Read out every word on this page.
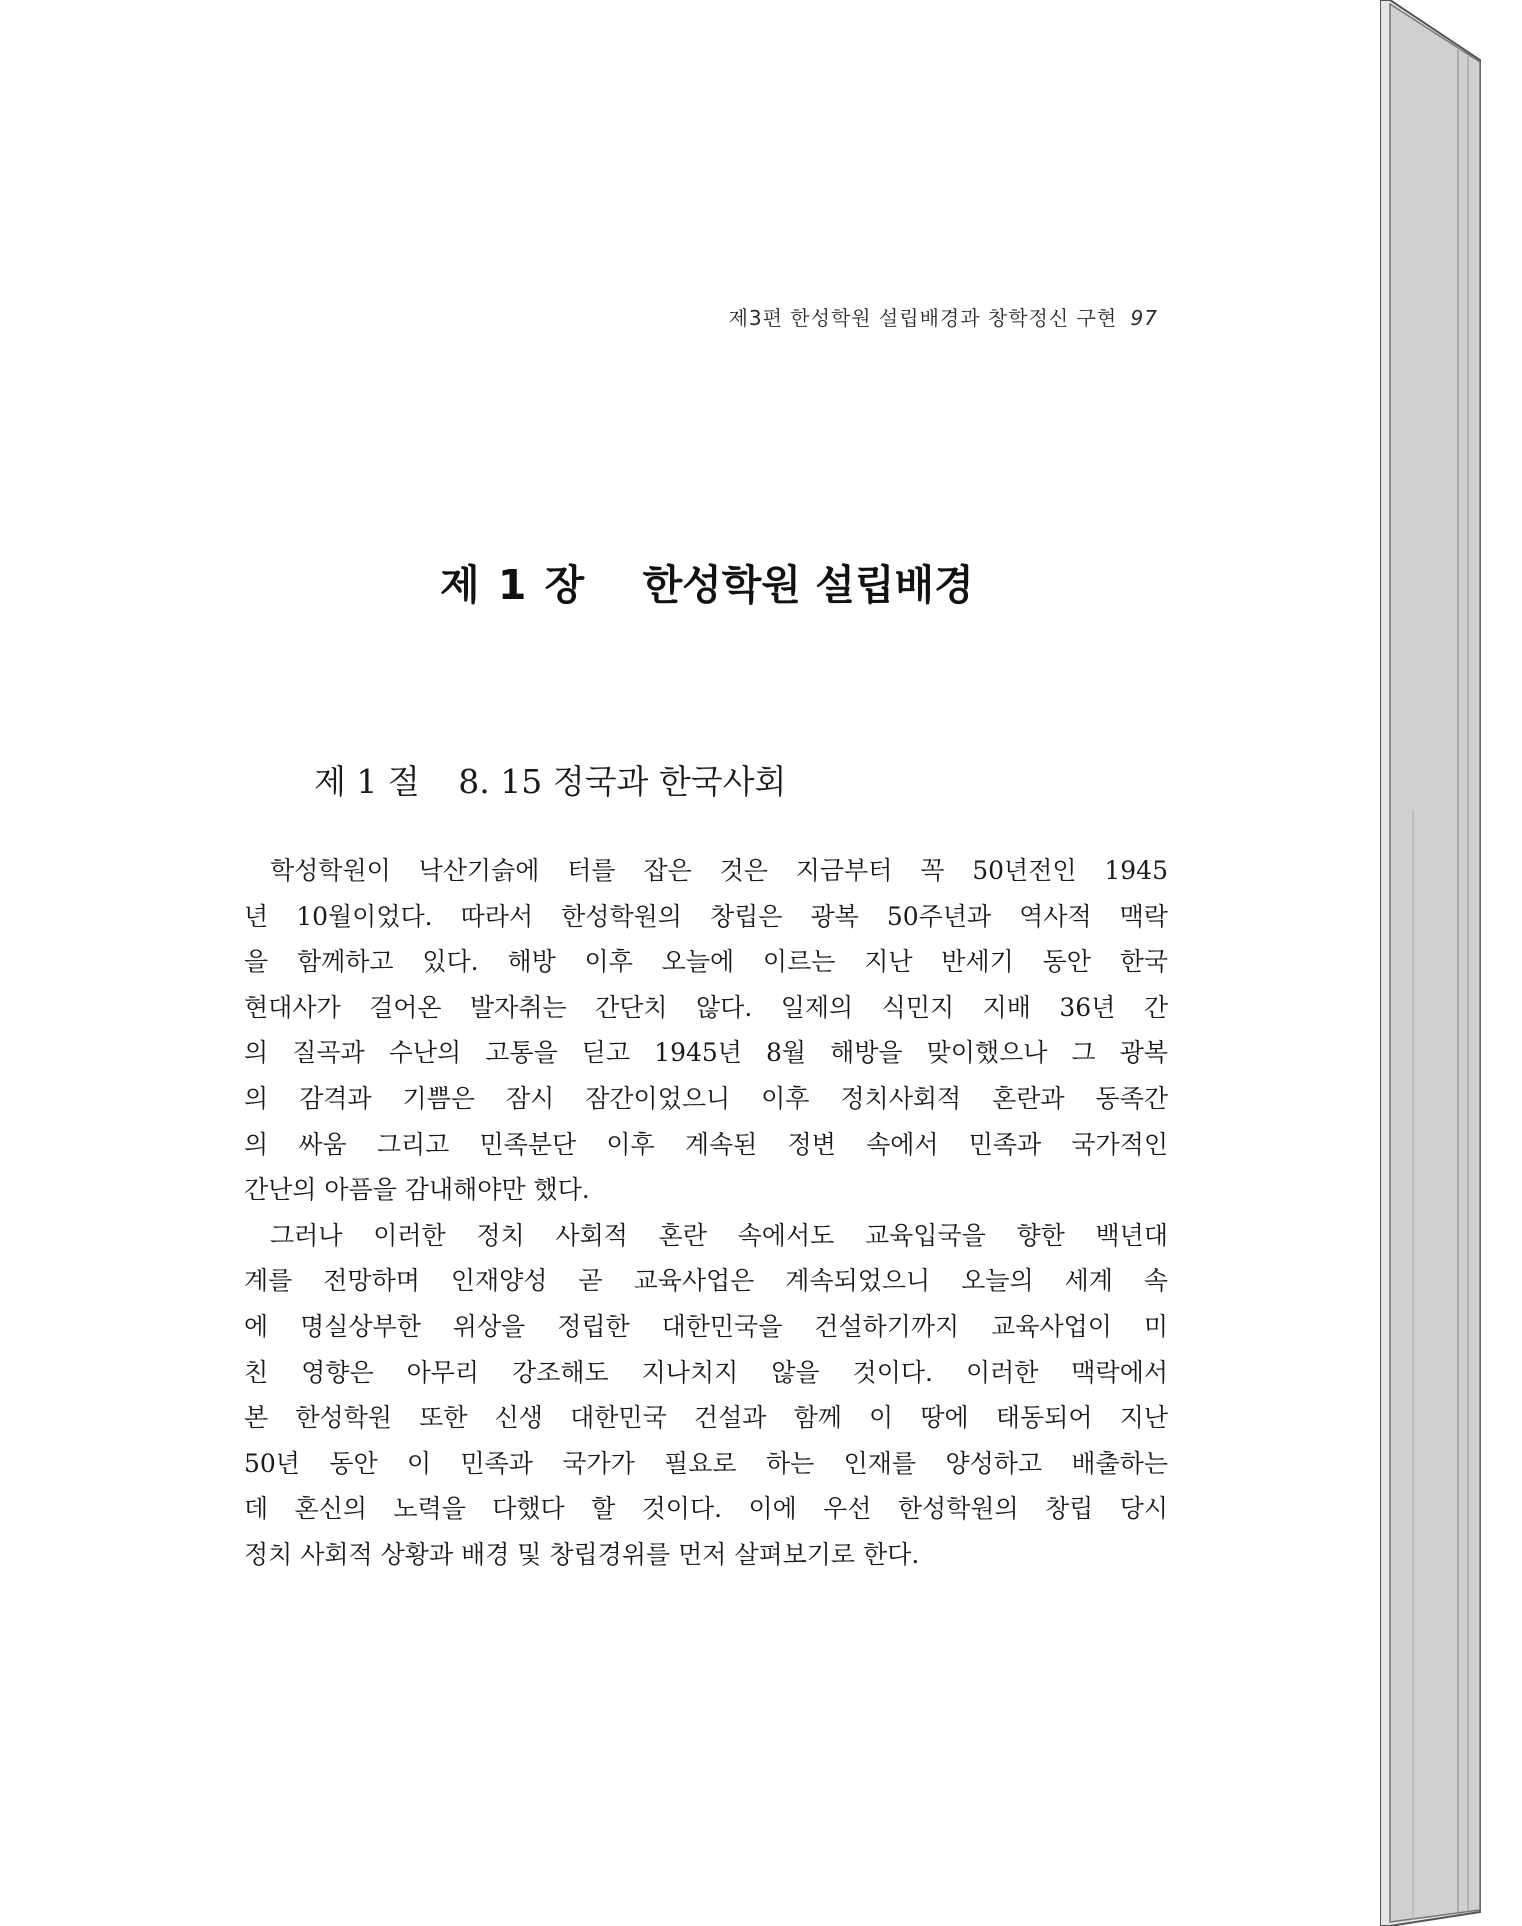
제3편 한성학원 설립배경과 창학정신 구현 97
제 1 장 한성학원 설립배경
제 1 절 8. 15 정국과 한국사회
학성학원이 낙산기슭에 터를 잡은 것은 지금부터 꼭 50년전인 1945
년 10월이었다. 따라서 한성학원의 창립은 광복 50주년과 역사적 맥락
을 함께하고 있다. 해방 이후 오늘에 이르는 지난 반세기 동안 한국
현대사가 걸어온 발자취는 간단치 않다. 일제의 식민지 지배 36년 간
의 질곡과 수난의 고통을 딛고 1945년 8월 해방을 맞이했으나 그 광복
의 감격과 기쁨은 잠시 잠간이었으니 이후 정치사회적 혼란과 동족간
의 싸움 그리고 민족분단 이후 계속된 정변 속에서 민족과 국가적인
간난의 아픔을 감내해야만 했다.
그러나 이러한 정치 사회적 혼란 속에서도 교육입국을 향한 백년대
계를 전망하며 인재양성 곧 교육사업은 계속되었으니 오늘의 세계 속
에 명실상부한 위상을 정립한 대한민국을 건설하기까지 교육사업이 미
친 영향은 아무리 강조해도 지나치지 않을 것이다. 이러한 맥락에서
본 한성학원 또한 신생 대한민국 건설과 함께 이 땅에 태동되어 지난
50년 동안 이 민족과 국가가 필요로 하는 인재를 양성하고 배출하는
데 혼신의 노력을 다했다 할 것이다. 이에 우선 한성학원의 창립 당시
정치 사회적 상황과 배경 및 창립경위를 먼저 살펴보기로 한다.
